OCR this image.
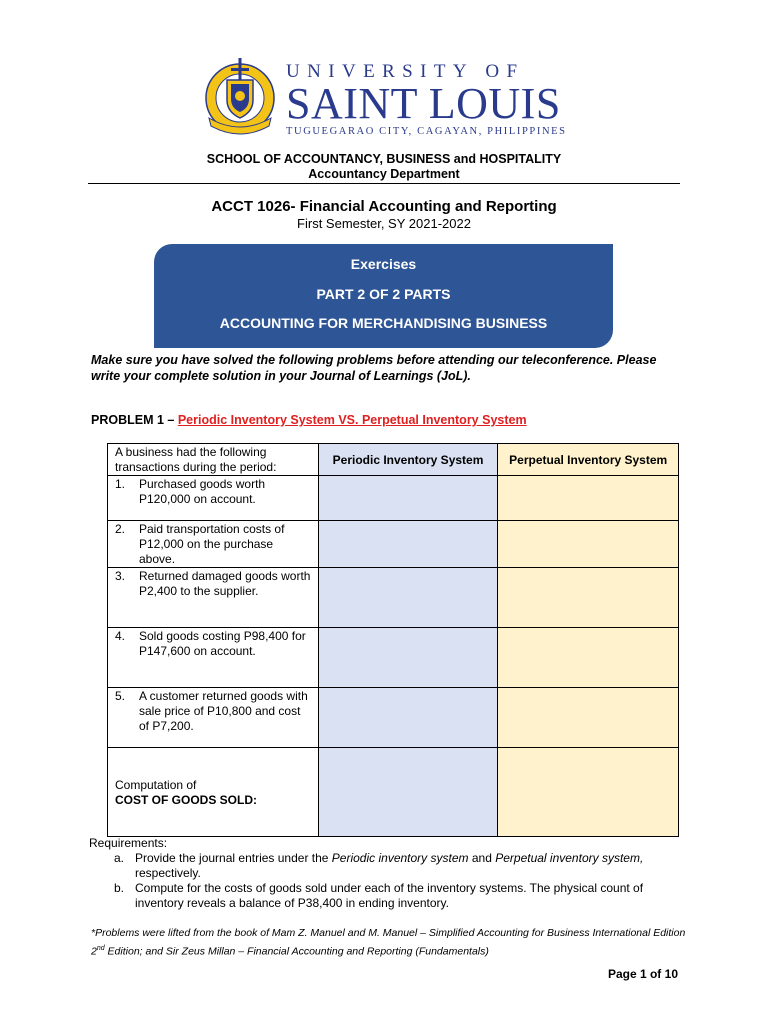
UNIVERSITY OF
SAINT LOUIS
TUGUEGARAO CITY, CAGAYAN, PHILIPPINES
SCHOOL OF ACCOUNTANCY, BUSINESS and HOSPITALITY
Accountancy Department
ACCT 1026- Financial Accounting and Reporting
First Semester, SY 2021-2022
Exercises
PART 2 OF 2 PARTS
ACCOUNTING FOR MERCHANDISING BUSINESS
Make sure you have solved the following problems before attending our teleconference. Please write your complete solution in your Journal of Learnings (JoL).
PROBLEM 1 – Periodic Inventory System VS. Perpetual Inventory System
A business had the following transactions during the period:	Periodic Inventory System	Perpetual Inventory System

1. Purchased goods worth P120,000 on account.		

2. Paid transportation costs of P12,000 on the purchase above.		

3. Returned damaged goods worth P2,400 to the supplier.		

4. Sold goods costing P98,400 for P147,600 on account.		

5. A customer returned goods with sale price of P10,800 and cost of P7,200.		

Computation of
COST OF GOODS SOLD:		

Requirements:
a. Provide the journal entries under the Periodic inventory system and Perpetual inventory system, respectively.
b. Compute for the costs of goods sold under each of the inventory systems. The physical count of inventory reveals a balance of P38,400 in ending inventory.
*Problems were lifted from the book of Mam Z. Manuel and M. Manuel – Simplified Accounting for Business International Edition 2nd Edition; and Sir Zeus Millan – Financial Accounting and Reporting (Fundamentals)
Page 1 of 10
